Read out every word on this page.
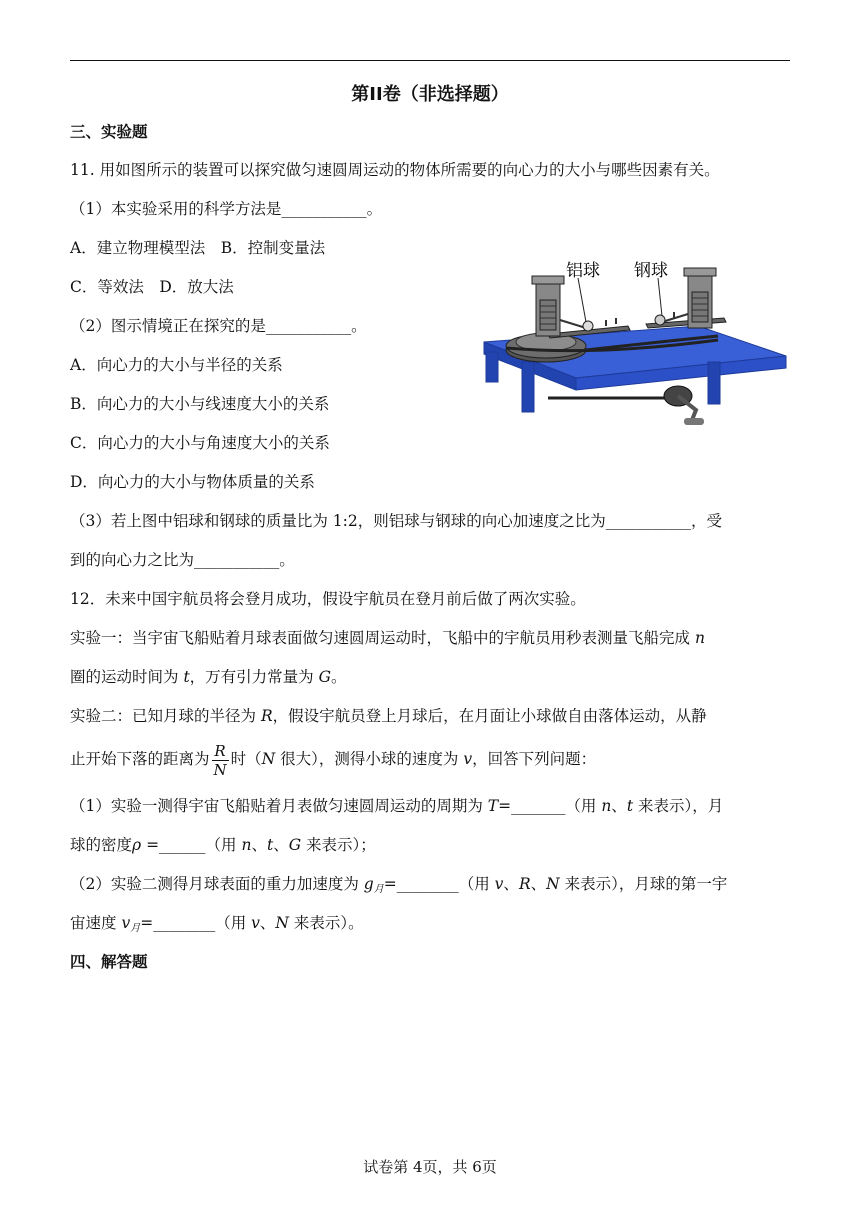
第II卷（非选择题）
三、实验题
11. 用如图所示的装置可以探究做匀速圆周运动的物体所需要的向心力的大小与哪些因素有关。
（1）本实验采用的科学方法是___________。
A．建立物理模型法　B．控制变量法
C．等效法　D．放大法
（2）图示情境正在探究的是___________。
A．向心力的大小与半径的关系
B．向心力的大小与线速度大小的关系
C．向心力的大小与角速度大小的关系
D．向心力的大小与物体质量的关系
（3）若上图中铝球和钢球的质量比为 1:2，则铝球与钢球的向心加速度之比为___________，受
到的向心力之比为___________。
铝球 钢球
12．未来中国宇航员将会登月成功，假设宇航员在登月前后做了两次实验。
实验一：当宇宙飞船贴着月球表面做匀速圆周运动时，飞船中的宇航员用秒表测量飞船完成 n
圈的运动时间为 t，万有引力常量为 G。
实验二：已知月球的半径为 R，假设宇航员登上月球后，在月面让小球做自由落体运动，从静
止开始下落的距离为 $\frac{R}{N}$ 时（N 很大），测得小球的速度为 v，回答下列问题：
（1）实验一测得宇宙飞船贴着月表做匀速圆周运动的周期为 T=_______（用 n、t 来表示），月
球的密度ρ =______（用 n、t、G 来表示）；
（2）实验二测得月球表面的重力加速度为 $g_月=\_\_\_\_\_\_\_\_$（用 v、R、N 来表示），月球的第一宇
宙速度 $v_月=\_\_\_\_\_\_\_\_$（用 v、N 来表示）。
四、解答题
试卷第 4页，共 6页
